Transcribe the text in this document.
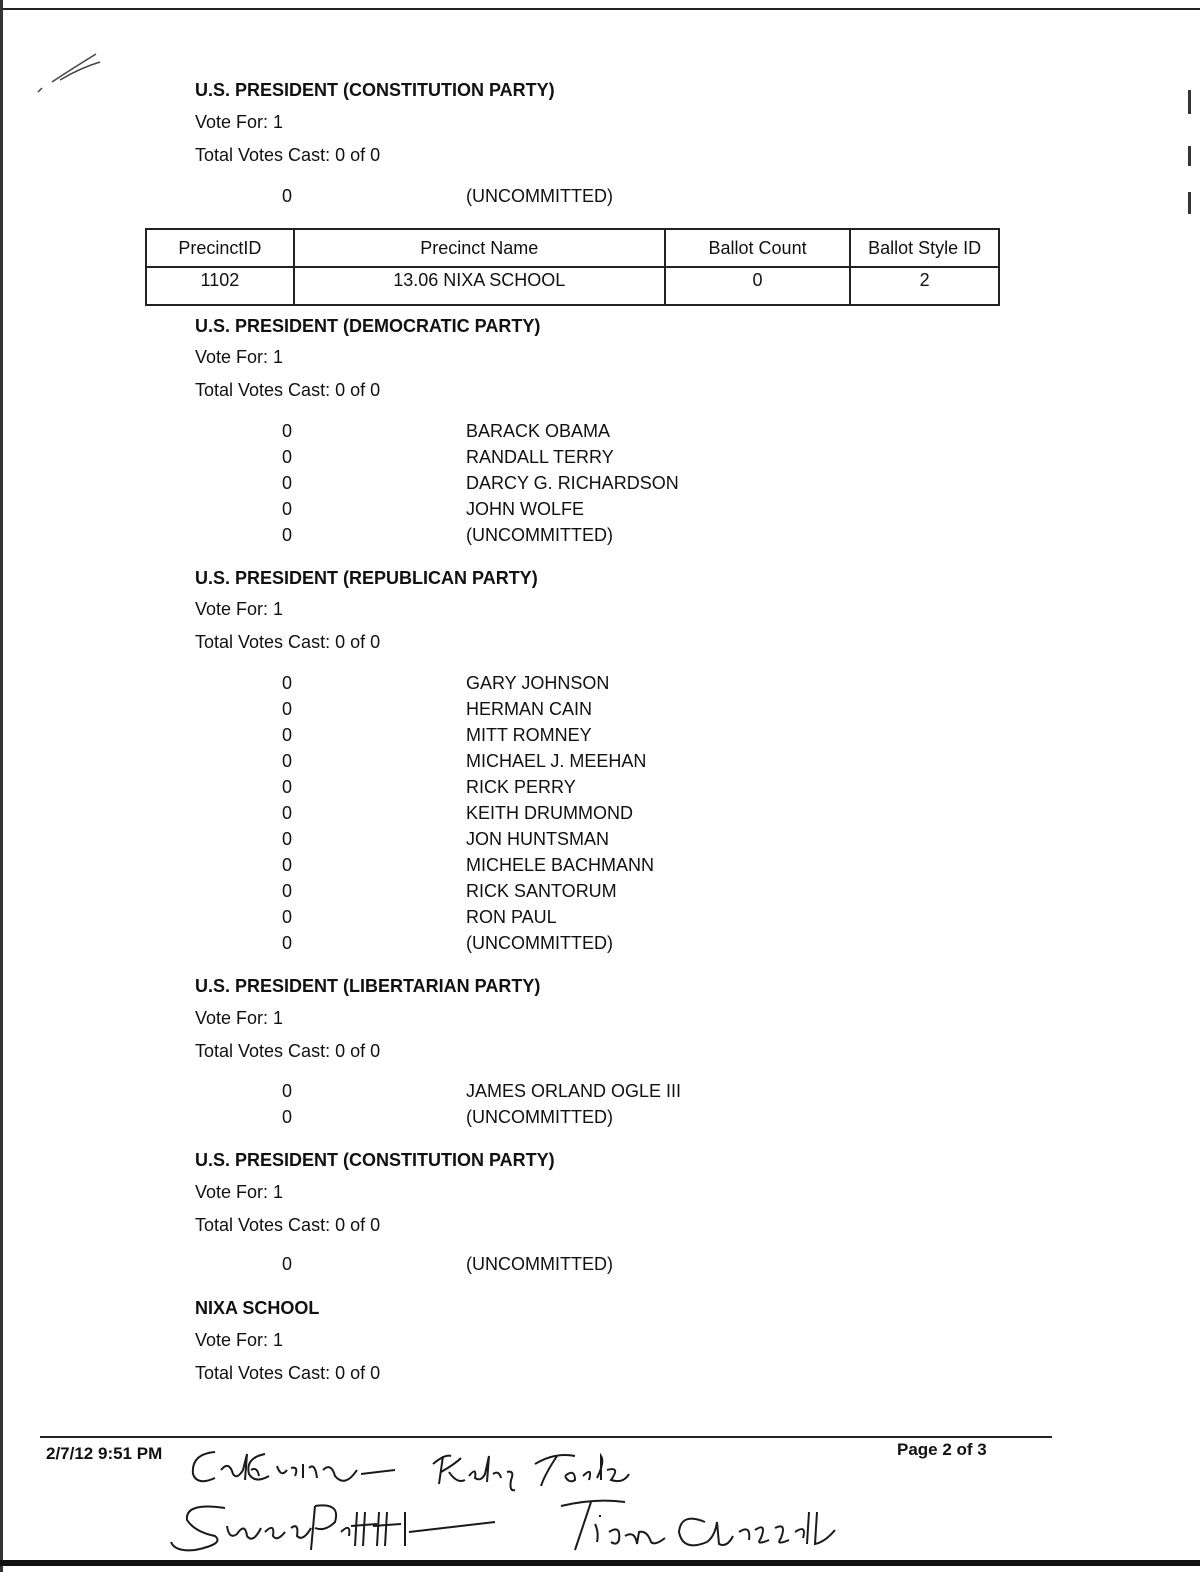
U.S. PRESIDENT (CONSTITUTION PARTY)
Vote For: 1
Total Votes Cast: 0 of 0
0	(UNCOMMITTED)
PrecinctID	Precinct Name	Ballot Count	Ballot Style ID
1102	13.06 NIXA SCHOOL	0	2
U.S. PRESIDENT (DEMOCRATIC PARTY)
Vote For: 1
Total Votes Cast: 0 of 0
0	BARACK OBAMA
0	RANDALL TERRY
0	DARCY G. RICHARDSON
0	JOHN WOLFE
0	(UNCOMMITTED)
U.S. PRESIDENT (REPUBLICAN PARTY)
Vote For: 1
Total Votes Cast: 0 of 0
0	GARY JOHNSON
0	HERMAN CAIN
0	MITT ROMNEY
0	MICHAEL J. MEEHAN
0	RICK PERRY
0	KEITH DRUMMOND
0	JON HUNTSMAN
0	MICHELE BACHMANN
0	RICK SANTORUM
0	RON PAUL
0	(UNCOMMITTED)
U.S. PRESIDENT (LIBERTARIAN PARTY)
Vote For: 1
Total Votes Cast: 0 of 0
0	JAMES ORLAND OGLE III
0	(UNCOMMITTED)
U.S. PRESIDENT (CONSTITUTION PARTY)
Vote For: 1
Total Votes Cast: 0 of 0
0	(UNCOMMITTED)
NIXA SCHOOL
Vote For: 1
Total Votes Cast: 0 of 0
2/7/12 9:51 PM	Page 2 of 3
